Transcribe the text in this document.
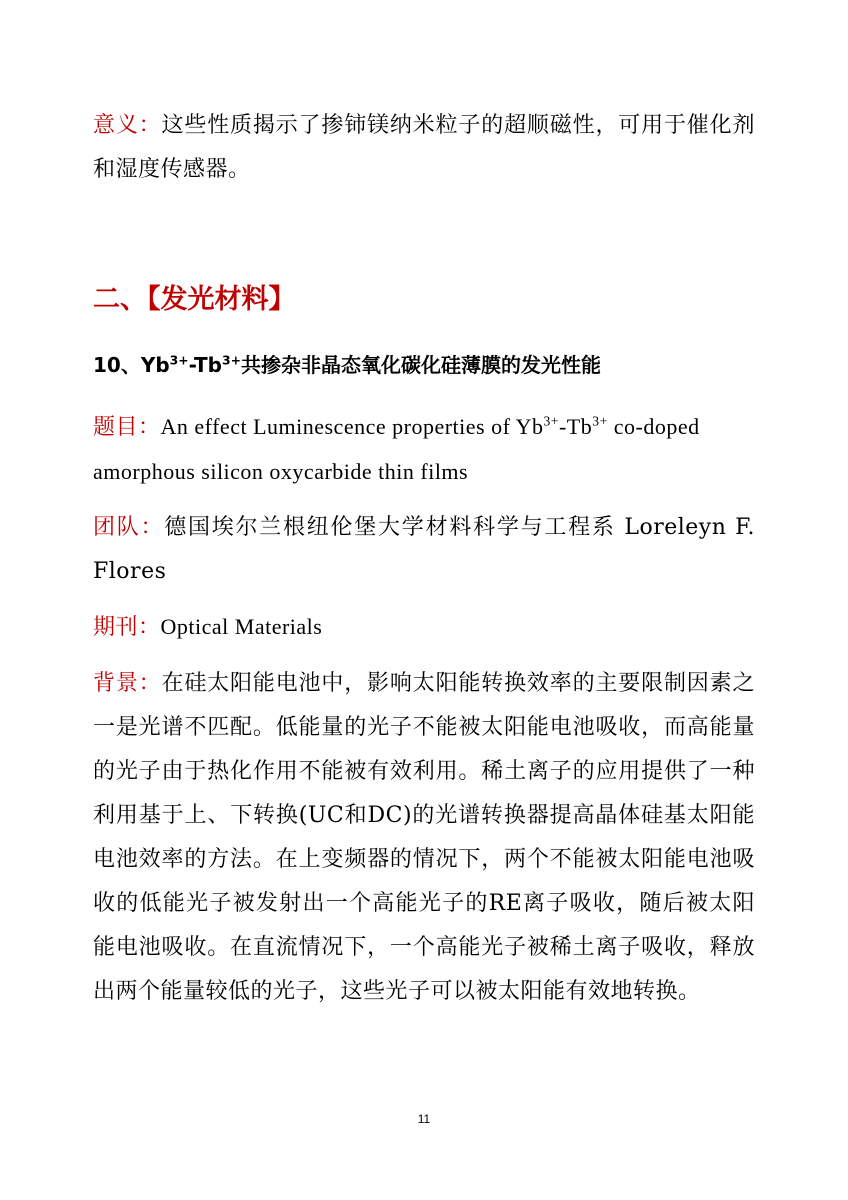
意义：这些性质揭示了掺铈镁纳米粒子的超顺磁性，可用于催化剂和湿度传感器。

二、【发光材料】
10、$Yb^{3+}-Tb^{3+}$共掺杂非晶态氧化碳化硅薄膜的发光性能

题目：An effect Luminescence properties of $Yb^{3+}-Tb^{3+}$ co-doped amorphous silicon oxycarbide thin films

团队：德国埃尔兰根纽伦堡大学材料科学与工程系 Loreleyn F. Flores

期刊：Optical Materials

背景：在硅太阳能电池中，影响太阳能转换效率的主要限制因素之一是光谱不匹配。低能量的光子不能被太阳能电池吸收，而高能量的光子由于热化作用不能被有效利用。稀土离子的应用提供了一种利用基于上、下转换(UC和DC)的光谱转换器提高晶体硅基太阳能电池效率的方法。在上变频器的情况下，两个不能被太阳能电池吸收的低能光子被发射出一个高能光子的RE离子吸收，随后被太阳能电池吸收。在直流情况下，一个高能光子被稀土离子吸收，释放出两个能量较低的光子，这些光子可以被太阳能有效地转换。

11
